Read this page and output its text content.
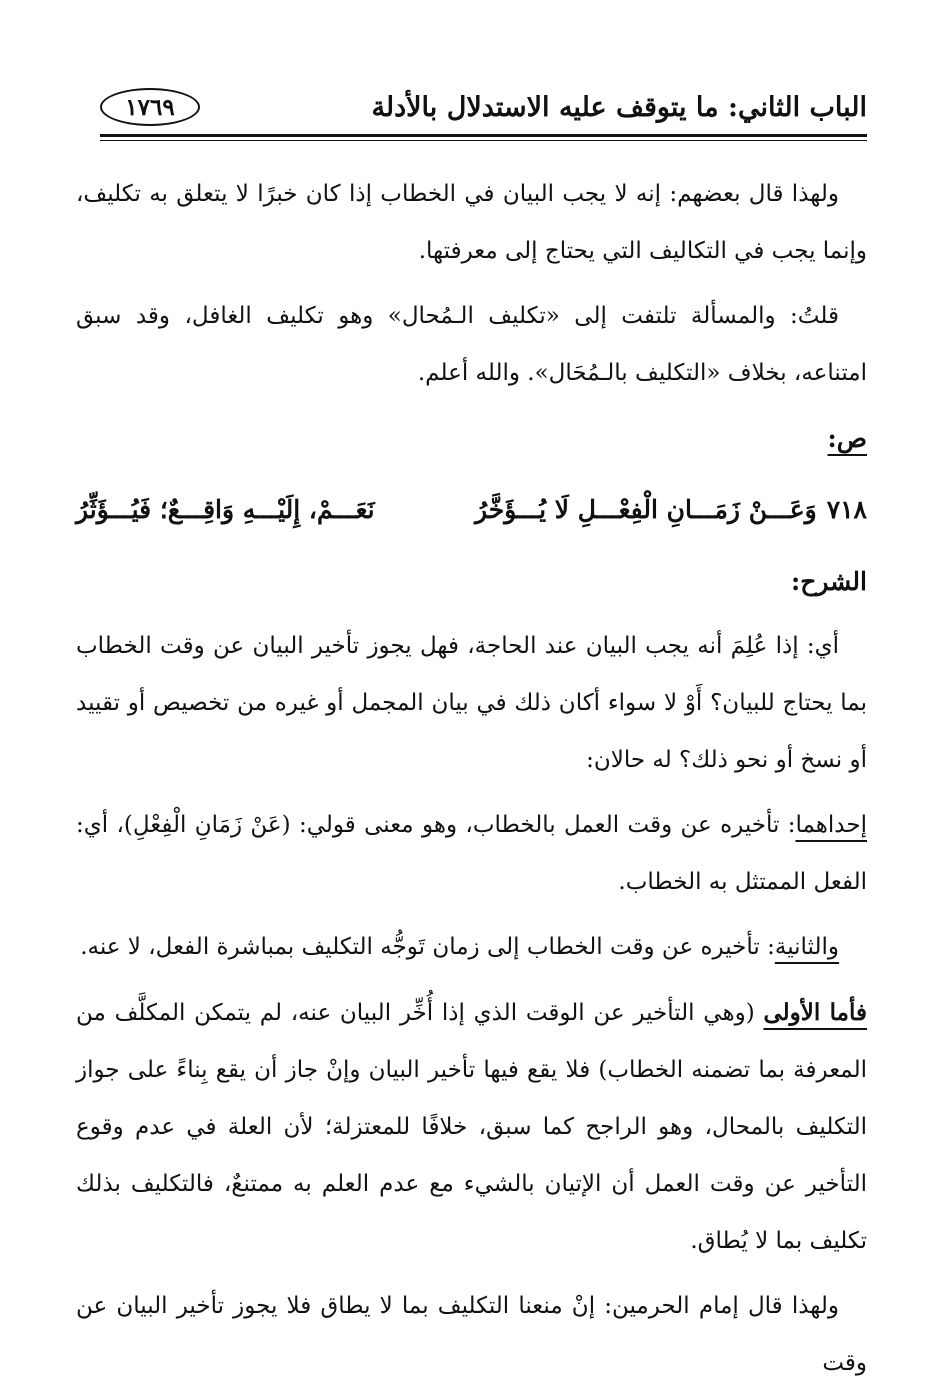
الباب الثاني: ما يتوقف عليه الاستدلال بالأدلة
١٧٦٩

ولهذا قال بعضهم: إنه لا يجب البيان في الخطاب إذا كان خبرًا لا يتعلق به تكليف، وإنما يجب في التكاليف التي يحتاج إلى معرفتها.

قلتُ: والمسألة تلتفت إلى «تكليف الـمُحال» وهو تكليف الغافل، وقد سبق امتناعه، بخلاف «التكليف بالـمُحَال». والله أعلم.

ص:

٧١٨وَعَـــنْ زَمَـــانِ الْفِعْـــلِ لَا يُـــؤَخَّرُ
نَعَـــمْ، إِلَيْـــهِ وَاقِـــعٌ؛ فَيُـــؤَثِّرُ

الشرح:

أي: إذا عُلِمَ أنه يجب البيان عند الحاجة، فهل يجوز تأخير البيان عن وقت الخطاب بما يحتاج للبيان؟ أَوْ لا سواء أكان ذلك في بيان المجمل أو غيره من تخصيص أو تقييد أو نسخ أو نحو ذلك؟ له حالان:

إحداهما: تأخيره عن وقت العمل بالخطاب، وهو معنى قولي: (عَنْ زَمَانِ الْفِعْلِ)، أي: الفعل الممتثل به الخطاب.

والثانية: تأخيره عن وقت الخطاب إلى زمان تَوجُّه التكليف بمباشرة الفعل، لا عنه.

فأما الأولى (وهي التأخير عن الوقت الذي إذا أُخِّر البيان عنه، لم يتمكن المكلَّف من المعرفة بما تضمنه الخطاب) فلا يقع فيها تأخير البيان وإنْ جاز أن يقع بِناءً على جواز التكليف بالمحال، وهو الراجح كما سبق، خلافًا للمعتزلة؛ لأن العلة في عدم وقوع التأخير عن وقت العمل أن الإتيان بالشيء مع عدم العلم به ممتنعٌ، فالتكليف بذلك تكليف بما لا يُطاق.

ولهذا قال إمام الحرمين: إنْ منعنا التكليف بما لا يطاق فلا يجوز تأخير البيان عن وقت
